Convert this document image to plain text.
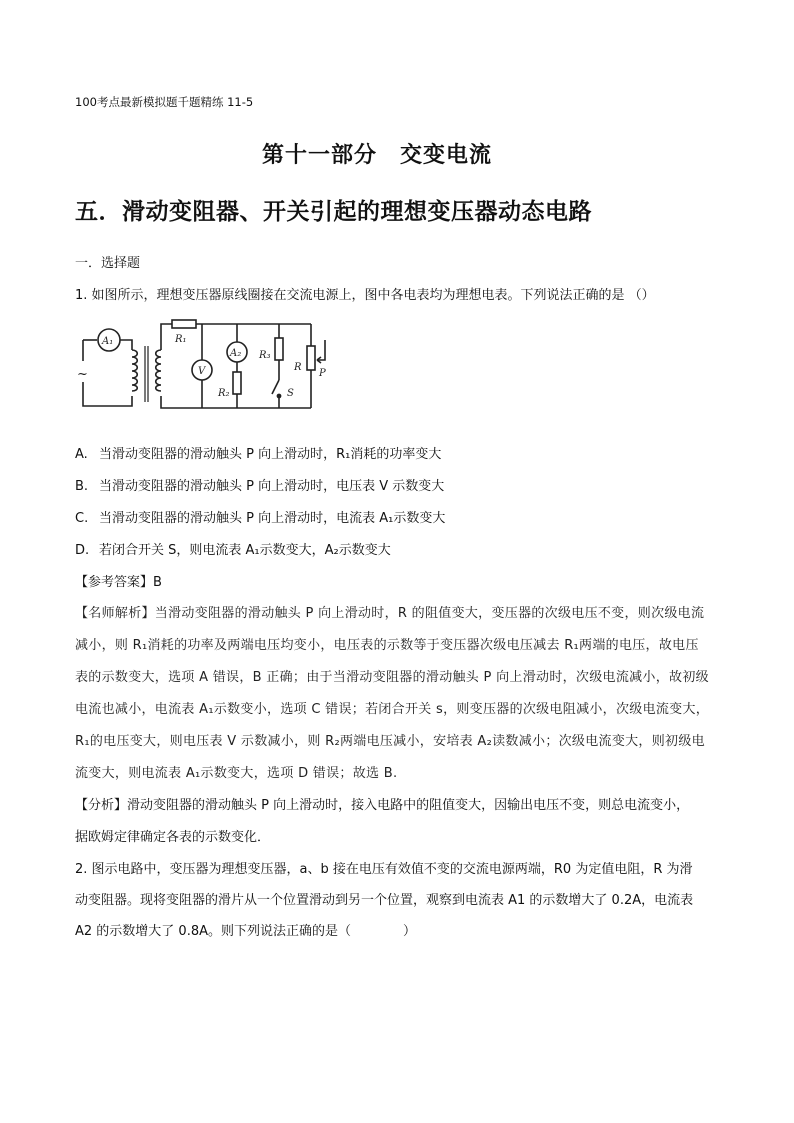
100考点最新模拟题千题精练 11-5
第十一部分　交变电流
五．滑动变阻器、开关引起的理想变压器动态电路
一．选择题
1. 如图所示，理想变压器原线圈接在交流电源上，图中各电表均为理想电表。下列说法正确的是 （）
A₁
~
R₁
V
A₂
R₂
R₃
S
R
P
A. 当滑动变阻器的滑动触头 P 向上滑动时，R₁消耗的功率变大
B. 当滑动变阻器的滑动触头 P 向上滑动时，电压表 V 示数变大
C. 当滑动变阻器的滑动触头 P 向上滑动时，电流表 A₁示数变大
D. 若闭合开关 S，则电流表 A₁示数变大，A₂示数变大
【参考答案】B
【名师解析】当滑动变阻器的滑动触头 P 向上滑动时，R 的阻值变大，变压器的次级电压不变，则次级电流
减小，则 R₁消耗的功率及两端电压均变小，电压表的示数等于变压器次级电压减去 R₁两端的电压，故电压
表的示数变大，选项 A 错误，B 正确；由于当滑动变阻器的滑动触头 P 向上滑动时，次级电流减小，故初级
电流也减小，电流表 A₁示数变小，选项 C 错误；若闭合开关 s，则变压器的次级电阻减小，次级电流变大，
R₁的电压变大，则电压表 V 示数减小，则 R₂两端电压减小，安培表 A₂读数减小；次级电流变大，则初级电
流变大，则电流表 A₁示数变大，选项 D 错误；故选 B.
【分析】滑动变阻器的滑动触头 P 向上滑动时，接入电路中的阻值变大，因输出电压不变，则总电流变小，
据欧姆定律确定各表的示数变化．
2. 图示电路中，变压器为理想变压器，a、b 接在电压有效值不变的交流电源两端，R0 为定值电阻，R 为滑
动变阻器。现将变阻器的滑片从一个位置滑动到另一个位置，观察到电流表 A1 的示数增大了 0.2A，电流表
A2 的示数增大了 0.8A。则下列说法正确的是（　　　　）
